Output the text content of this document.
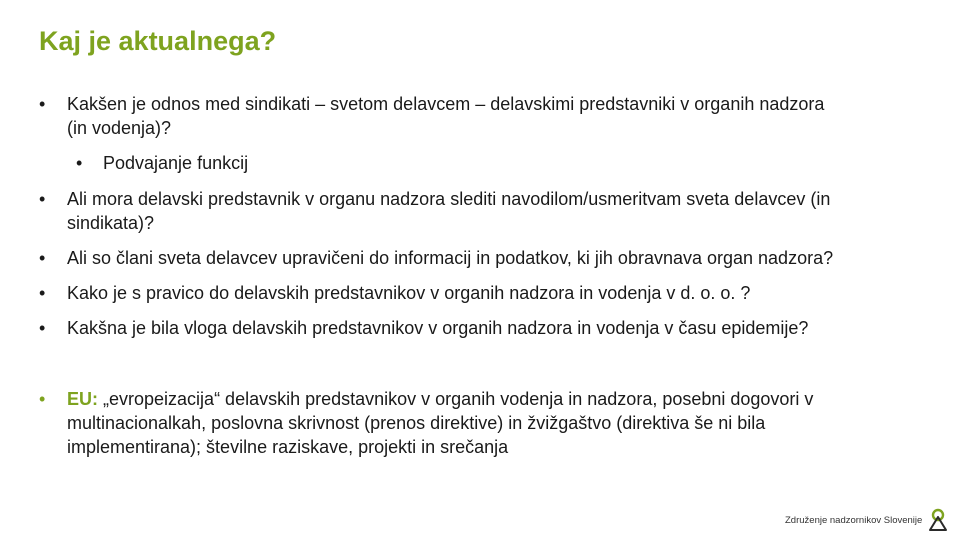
Kaj je aktualnega?
• Kakšen je odnos med sindikati – svetom delavcem – delavskimi predstavniki v organih nadzora (in vodenja)?
• Podvajanje funkcij
• Ali mora delavski predstavnik v organu nadzora slediti navodilom/usmeritvam sveta delavcev (in sindikata)?
• Ali so člani sveta delavcev upravičeni do informacij in podatkov, ki jih obravnava organ nadzora?
• Kako je s pravico do delavskih predstavnikov v organih nadzora in vodenja v d. o. o. ?
• Kakšna je bila vloga delavskih predstavnikov v organih nadzora in vodenja v času epidemije?
• EU: „evropeizacija“ delavskih predstavnikov v organih vodenja in nadzora, posebni dogovori v multinacionalkah, poslovna skrivnost (prenos direktive) in žvižgaštvo (direktiva še ni bila implementirana); številne raziskave, projekti in srečanja
Združenje nadzornikov Slovenije
